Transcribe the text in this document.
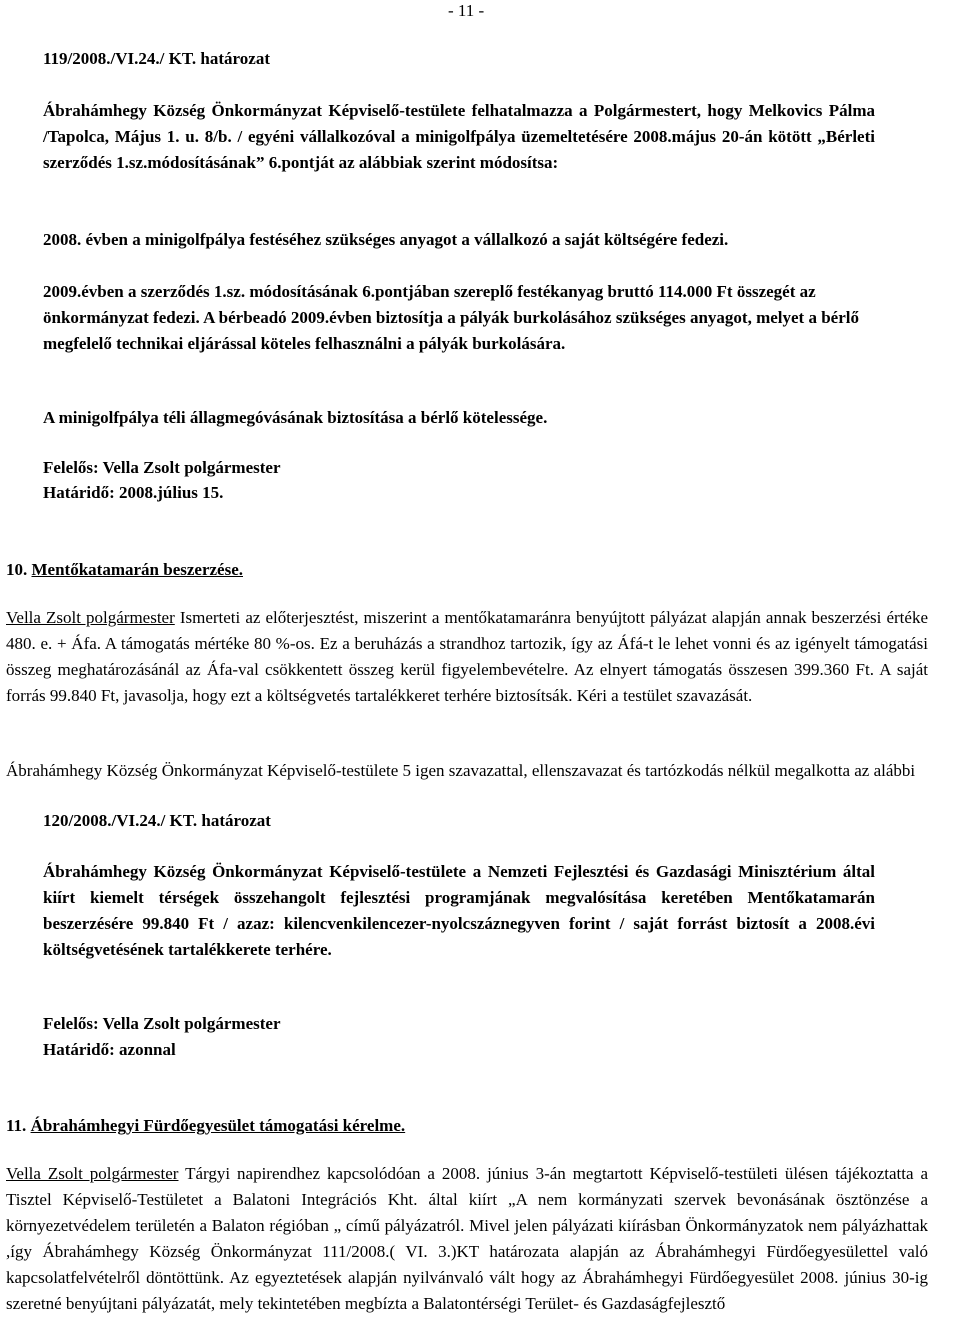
- 11 -
119/2008./VI.24./ KT. határozat
Ábrahámhegy Község Önkormányzat Képviselő-testülete felhatalmazza a Polgármestert, hogy Melkovics Pálma /Tapolca, Május 1. u. 8/b. / egyéni vállalkozóval a minigolfpálya üzemeltetésére 2008.május 20-án kötött „Bérleti szerződés 1.sz.módosításának” 6.pontját az alábbiak szerint módosítsa:
2008. évben a minigolfpálya festéséhez szükséges anyagot a vállalkozó a saját költségére fedezi.
2009.évben a szerződés 1.sz. módosításának 6.pontjában szereplő festékanyag bruttó 114.000 Ft összegét az önkormányzat fedezi. A bérbeadó 2009.évben biztosítja a pályák burkolásához szükséges anyagot, melyet a bérlő megfelelő technikai eljárással köteles felhasználni a pályák burkolására.
A minigolfpálya téli állagmegóvásának biztosítása a bérlő kötelessége.
Felelős: Vella Zsolt polgármester
Határidő: 2008.július 15.
10. Mentőkatamarán beszerzése.
Vella Zsolt polgármester Ismerteti az előterjesztést, miszerint a mentőkatamaránra benyújtott pályázat alapján annak beszerzési értéke 480. e. + Áfa. A támogatás mértéke 80 %-os. Ez a beruházás a strandhoz tartozik, így az Áfá-t le lehet vonni és az igényelt támogatási összeg meghatározásánál az Áfa-val csökkentett összeg kerül figyelembevételre. Az elnyert támogatás összesen 399.360 Ft. A saját forrás 99.840 Ft, javasolja, hogy ezt a költségvetés tartalékkeret terhére biztosítsák. Kéri a testület szavazását.
Ábrahámhegy Község Önkormányzat Képviselő-testülete 5 igen szavazattal, ellenszavazat és tartózkodás nélkül megalkotta az alábbi
120/2008./VI.24./ KT. határozat
Ábrahámhegy Község Önkormányzat Képviselő-testülete a Nemzeti Fejlesztési és Gazdasági Minisztérium által kiírt kiemelt térségek összehangolt fejlesztési programjának megvalósítása keretében Mentőkatamarán beszerzésére 99.840 Ft / azaz: kilencvenkilencezer-nyolcszáznegyven forint / saját forrást biztosít a 2008.évi költségvetésének tartalékkerete terhére.
Felelős: Vella Zsolt polgármester
Határidő: azonnal
11. Ábrahámhegyi Fürdőegyesület támogatási kérelme.
Vella Zsolt polgármester Tárgyi napirendhez kapcsolódóan a 2008. június 3-án megtartott Képviselő-testületi ülésen tájékoztatta a Tisztel Képviselő-Testületet a Balatoni Integrációs Kht. által kiírt „A nem kormányzati szervek bevonásának ösztönzése a környezetvédelem területén a Balaton régióban „ című pályázatról. Mivel jelen pályázati kiírásban Önkormányzatok nem pályázhattak ,így Ábrahámhegy Község Önkormányzat 111/2008.( VI. 3.)KT határozata alapján az Ábrahámhegyi Fürdőegyesülettel való kapcsolatfelvételről döntöttünk. Az egyeztetések alapján nyilvánvaló vált hogy az Ábrahámhegyi Fürdőegyesület 2008. június 30-ig szeretné benyújtani pályázatát, mely tekintetében megbízta a Balatontérségi Terület- és Gazdaságfejlesztő
